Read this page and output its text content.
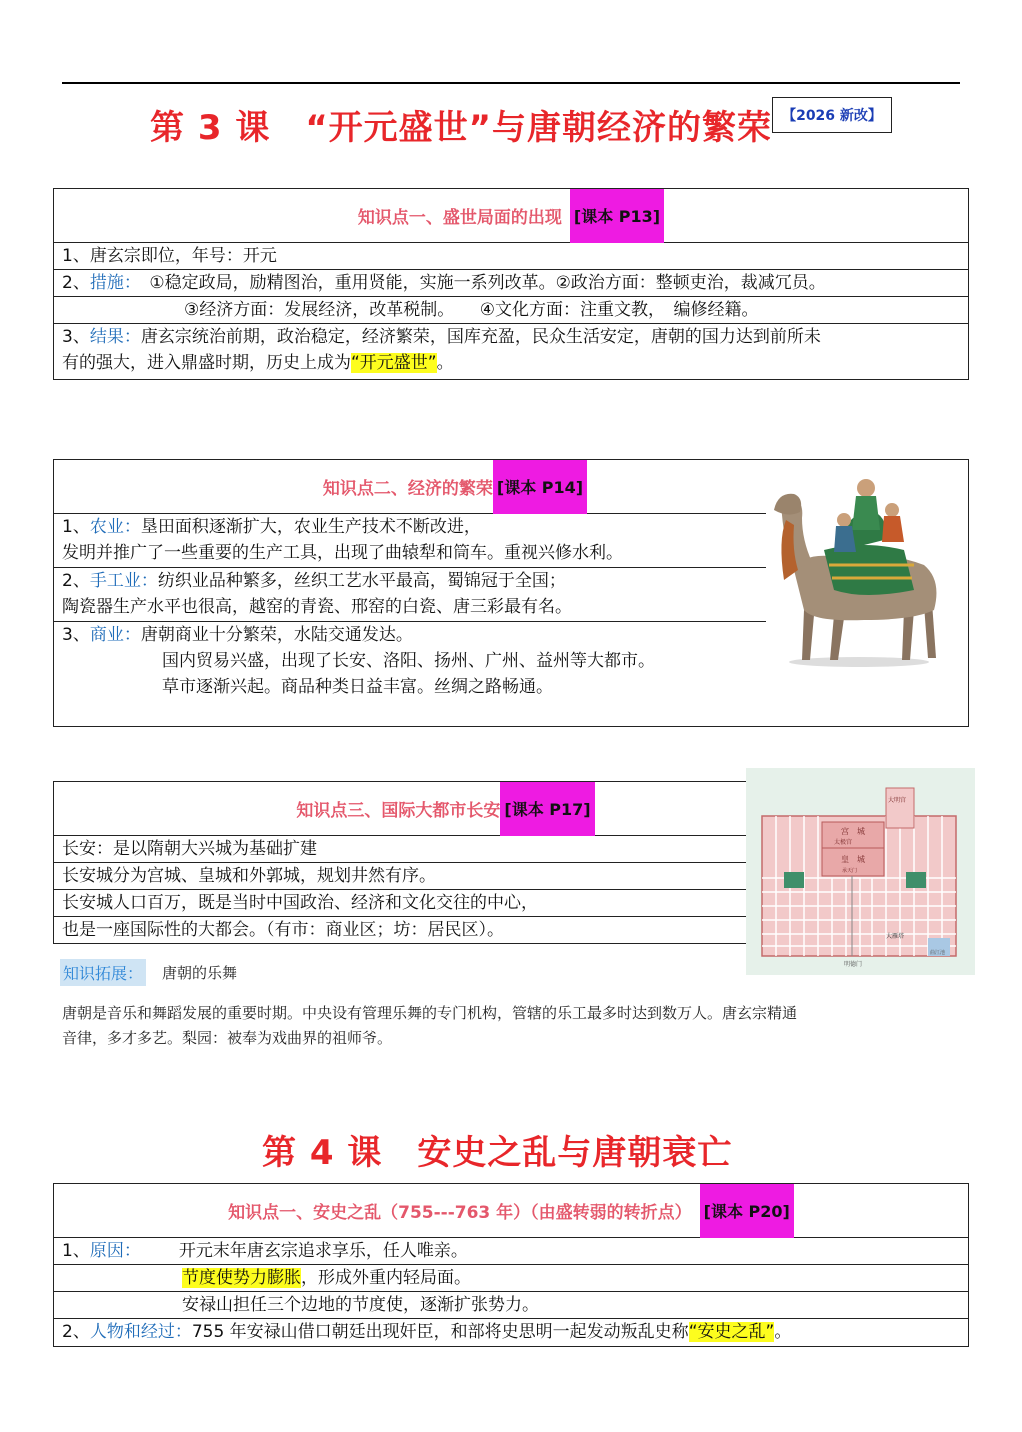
第 3 课　“开元盛世”与唐朝经济的繁荣 【2026 新改】
知识点一、盛世局面的出现 [课本 P13]
1、唐玄宗即位，年号：开元
2、措施：　①稳定政局，励精图治，重用贤能，实施一系列改革。②政治方面：整顿吏治，裁减冗员。
③经济方面：发展经济，改革税制。　　④文化方面：注重文教，　编修经籍。
3、结果：唐玄宗统治前期，政治稳定，经济繁荣，国库充盈，民众生活安定，唐朝的国力达到前所未
有的强大，进入鼎盛时期，历史上成为“开元盛世”。
知识点二、经济的繁荣 [课本 P14]
1、农业：垦田面积逐渐扩大，农业生产技术不断改进，
发明并推广了一些重要的生产工具，出现了曲辕犁和筒车。重视兴修水利。
2、手工业：纺织业品种繁多，丝织工艺水平最高，蜀锦冠于全国；
陶瓷器生产水平也很高，越窑的青瓷、邢窑的白瓷、唐三彩最有名。
3、商业：唐朝商业十分繁荣，水陆交通发达。
国内贸易兴盛，出现了长安、洛阳、扬州、广州、益州等大都市。
草市逐渐兴起。商品种类日益丰富。丝绸之路畅通。
知识点三、国际大都市长安 [课本 P17]
长安：是以隋朝大兴城为基础扩建
长安城分为宫城、皇城和外郭城，规划井然有序。
长安城人口百万，既是当时中国政治、经济和文化交往的中心，
也是一座国际性的大都会。（有市：商业区；坊：居民区）。
宫　城
太极宫
皇　城
承天门
大明宫
曲江池
大雁塔
明德门
知识拓展： 唐朝的乐舞
唐朝是音乐和舞蹈发展的重要时期。中央设有管理乐舞的专门机构，管辖的乐工最多时达到数万人。唐玄宗精通
音律，多才多艺。梨园：被奉为戏曲界的祖师爷。
第 4 课　安史之乱与唐朝衰亡
知识点一、安史之乱 （755---763 年）（由盛转弱的转折点） [课本 P20]
1、原因： 开元末年唐玄宗追求享乐，任人唯亲。
节度使势力膨胀，形成外重内轻局面。
安禄山担任三个边地的节度使，逐渐扩张势力。
2、人物和经过：755 年安禄山借口朝廷出现奸臣，和部将史思明一起发动叛乱史称“安史之乱”。
